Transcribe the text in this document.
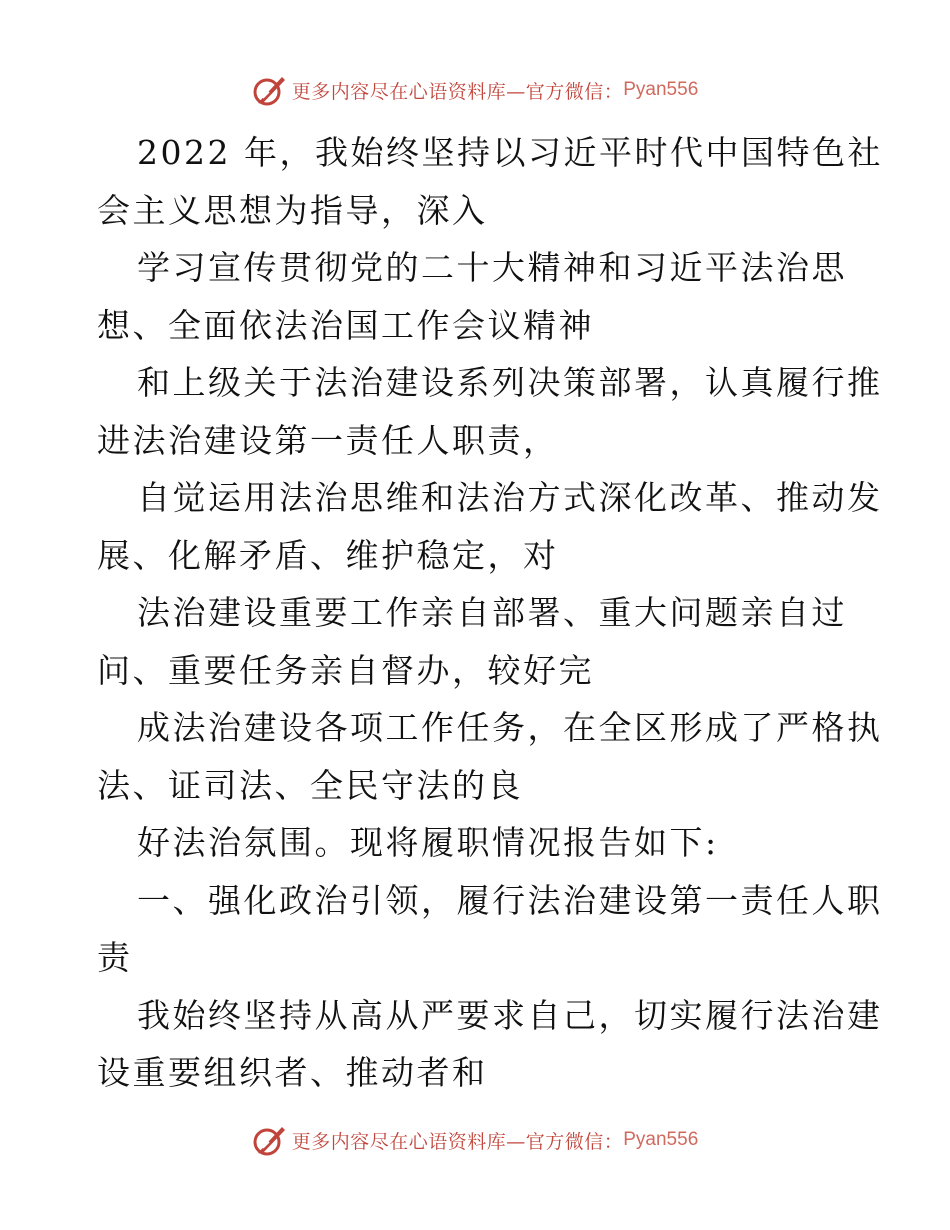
更多内容尽在心语资料库—官方微信： Pyan556

2022 年，我始终坚持以习近平时代中国特色社

会主义思想为指导，深入

学习宣传贯彻党的二十大精神和习近平法治思

想、全面依法治国工作会议精神

和上级关于法治建设系列决策部署，认真履行推

进法治建设第一责任人职责，

自觉运用法治思维和法治方式深化改革、推动发

展、化解矛盾、维护稳定，对

法治建设重要工作亲自部署、重大问题亲自过

问、重要任务亲自督办，较好完

成法治建设各项工作任务，在全区形成了严格执

法、证司法、全民守法的良

好法治氛围。现将履职情况报告如下:

一、强化政治引领，履行法治建设第一责任人职

责

我始终坚持从高从严要求自己，切实履行法治建

设重要组织者、推动者和

更多内容尽在心语资料库—官方微信： Pyan556
